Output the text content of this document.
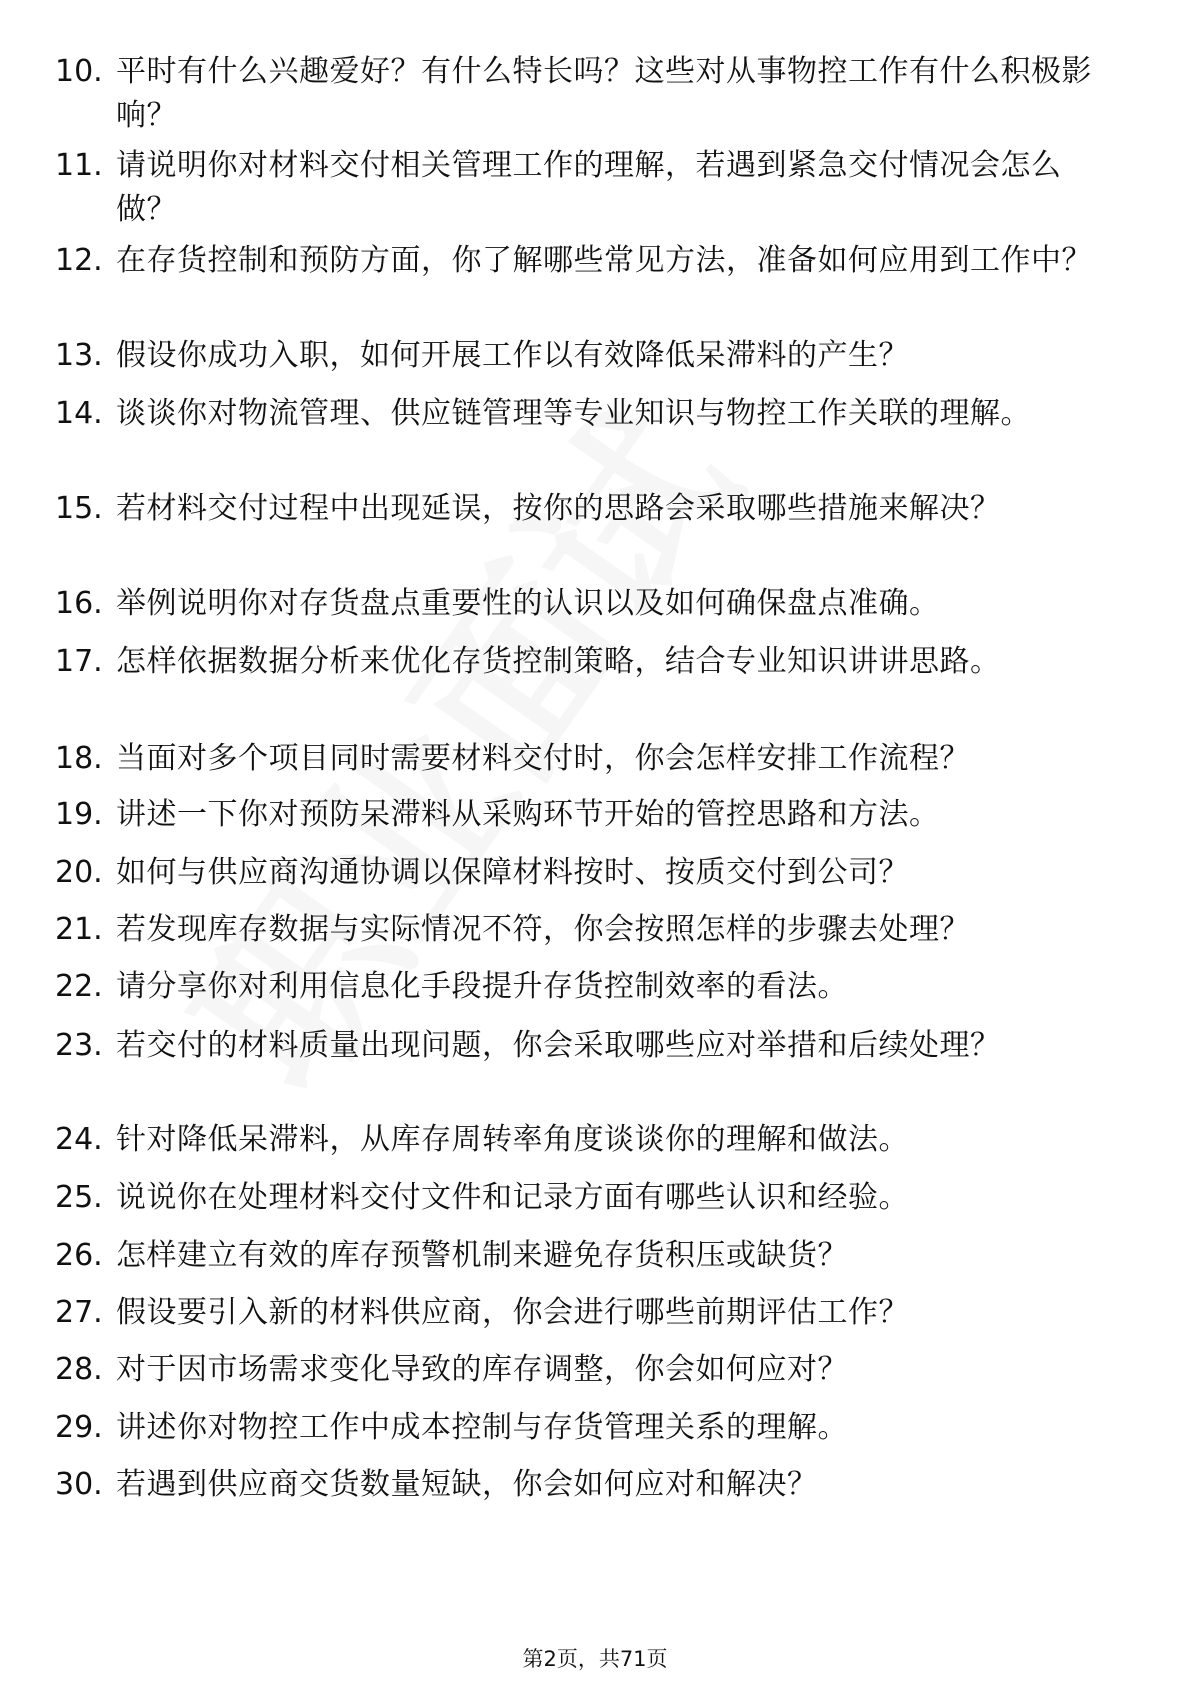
10. 平时有什么兴趣爱好？有什么特长吗？这些对从事物控工作有什么积极影响？
11. 请说明你对材料交付相关管理工作的理解，若遇到紧急交付情况会怎么做？
12. 在存货控制和预防方面，你了解哪些常见方法，准备如何应用到工作中？
13. 假设你成功入职，如何开展工作以有效降低呆滞料的产生？
14. 谈谈你对物流管理、供应链管理等专业知识与物控工作关联的理解。
15. 若材料交付过程中出现延误，按你的思路会采取哪些措施来解决？
16. 举例说明你对存货盘点重要性的认识以及如何确保盘点准确。
17. 怎样依据数据分析来优化存货控制策略，结合专业知识讲讲思路。
18. 当面对多个项目同时需要材料交付时，你会怎样安排工作流程？
19. 讲述一下你对预防呆滞料从采购环节开始的管控思路和方法。
20. 如何与供应商沟通协调以保障材料按时、按质交付到公司？
21. 若发现库存数据与实际情况不符，你会按照怎样的步骤去处理？
22. 请分享你对利用信息化手段提升存货控制效率的看法。
23. 若交付的材料质量出现问题，你会采取哪些应对举措和后续处理？
24. 针对降低呆滞料，从库存周转率角度谈谈你的理解和做法。
25. 说说你在处理材料交付文件和记录方面有哪些认识和经验。
26. 怎样建立有效的库存预警机制来避免存货积压或缺货？
27. 假设要引入新的材料供应商，你会进行哪些前期评估工作？
28. 对于因市场需求变化导致的库存调整，你会如何应对？
29. 讲述你对物控工作中成本控制与存货管理关系的理解。
30. 若遇到供应商交货数量短缺，你会如何应对和解决？
第2页，共71页
